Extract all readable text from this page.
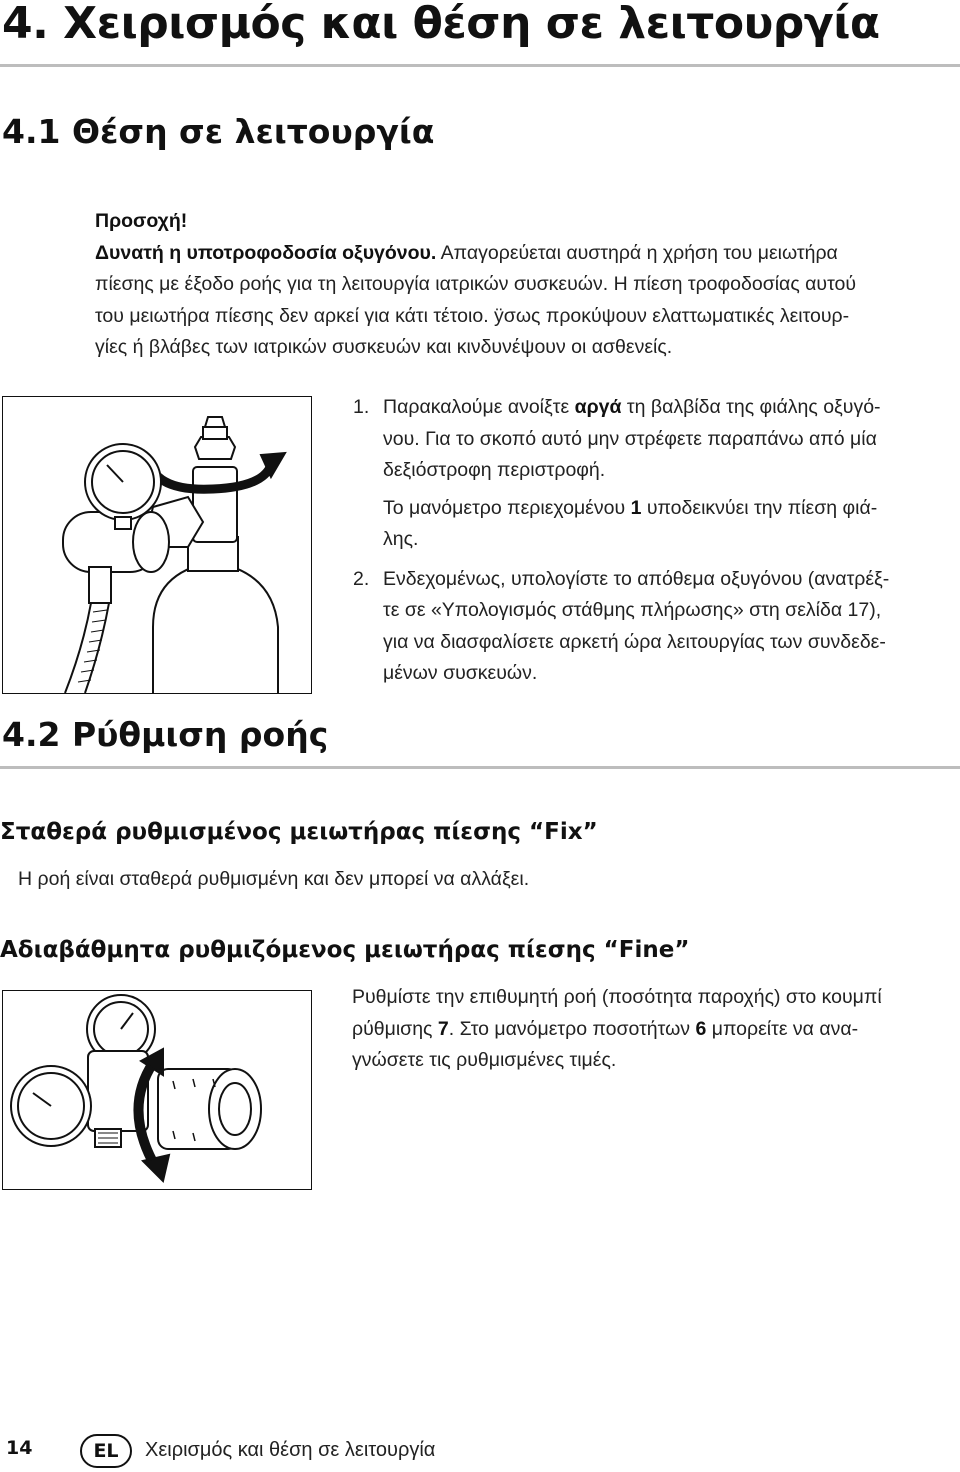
4. Χειρισμός και θέση σε λειτουργία
4.1 Θέση σε λειτουργία
Προσοχή!
Δυνατή η υποτροφοδοσία οξυγόνου. Απαγορεύεται αυστηρά η χρήση του μειωτήρα
πίεσης με έξοδο ροής για τη λειτουργία ιατρικών συσκευών. Η πίεση τροφοδοσίας αυτού
του μειωτήρα πίεσης δεν αρκεί για κάτι τέτοιο. ÿσως προκύψουν ελαττωματικές λειτουρ-
γίες ή βλάβες των ιατρικών συσκευών και κινδυνέψουν οι ασθενείς.
1. Παρακαλούμε ανοίξτε αργά τη βαλβίδα της φιάλης οξυγό-
νου. Για το σκοπό αυτό μην στρέφετε παραπάνω από μία
δεξιόστροφη περιστροφή.
Το μανόμετρο περιεχομένου 1 υποδεικνύει την πίεση φιά-
λης.
2. Ενδεχομένως, υπολογίστε το απόθεμα οξυγόνου (ανατρέξ-
τε σε «Υπολογισμός στάθμης πλήρωσης» στη σελίδα 17),
για να διασφαλίσετε αρκετή ώρα λειτουργίας των συνδεδε-
μένων συσκευών.
4.2 Ρύθμιση ροής
Σταθερά ρυθμισμένος μειωτήρας πίεσης “Fix”
Η ροή είναι σταθερά ρυθμισμένη και δεν μπορεί να αλλάξει.
Αδιαβάθμητα ρυθμιζόμενος μειωτήρας πίεσης “Fine”
Ρυθμίστε την επιθυμητή ροή (ποσότητα παροχής) στο κουμπί
ρύθμισης 7. Στο μανόμετρο ποσοτήτων 6 μπορείτε να ανα-
γνώσετε τις ρυθμισμένες τιμές.
14	EL	Χειρισμός και θέση σε λειτουργία
